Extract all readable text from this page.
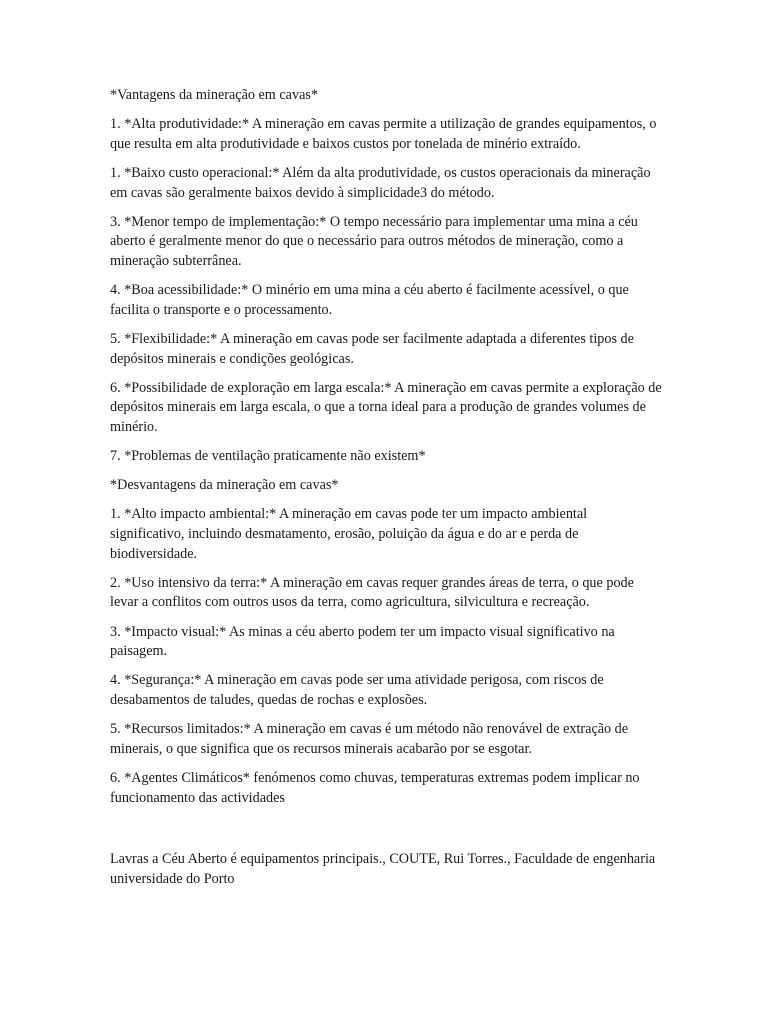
*Vantagens da mineração em cavas*

1. *Alta produtividade:* A mineração em cavas permite a utilização de grandes equipamentos, o que resulta em alta produtividade e baixos custos por tonelada de minério extraído.

1. *Baixo custo operacional:* Além da alta produtividade, os custos operacionais da mineração em cavas são geralmente baixos devido à simplicidade3 do método.

3. *Menor tempo de implementação:* O tempo necessário para implementar uma mina a céu aberto é geralmente menor do que o necessário para outros métodos de mineração, como a mineração subterrânea.

4. *Boa acessibilidade:* O minério em uma mina a céu aberto é facilmente acessível, o que facilita o transporte e o processamento.

5. *Flexibilidade:* A mineração em cavas pode ser facilmente adaptada a diferentes tipos de depósitos minerais e condições geológicas.

6. *Possibilidade de exploração em larga escala:* A mineração em cavas permite a exploração de depósitos minerais em larga escala, o que a torna ideal para a produção de grandes volumes de minério.

7. *Problemas de ventilação praticamente não existem*

*Desvantagens da mineração em cavas*

1. *Alto impacto ambiental:* A mineração em cavas pode ter um impacto ambiental significativo, incluindo desmatamento, erosão, poluição da água e do ar e perda de biodiversidade.

2. *Uso intensivo da terra:* A mineração em cavas requer grandes áreas de terra, o que pode levar a conflitos com outros usos da terra, como agricultura, silvicultura e recreação.

3. *Impacto visual:* As minas a céu aberto podem ter um impacto visual significativo na paisagem.

4. *Segurança:* A mineração em cavas pode ser uma atividade perigosa, com riscos de desabamentos de taludes, quedas de rochas e explosões.

5. *Recursos limitados:* A mineração em cavas é um método não renovável de extração de minerais, o que significa que os recursos minerais acabarão por se esgotar.

6. *Agentes Climáticos* fenómenos como chuvas, temperaturas extremas podem implicar no funcionamento das actividades

Lavras a Céu Aberto é equipamentos principais., COUTE, Rui Torres., Faculdade de engenharia universidade do Porto
